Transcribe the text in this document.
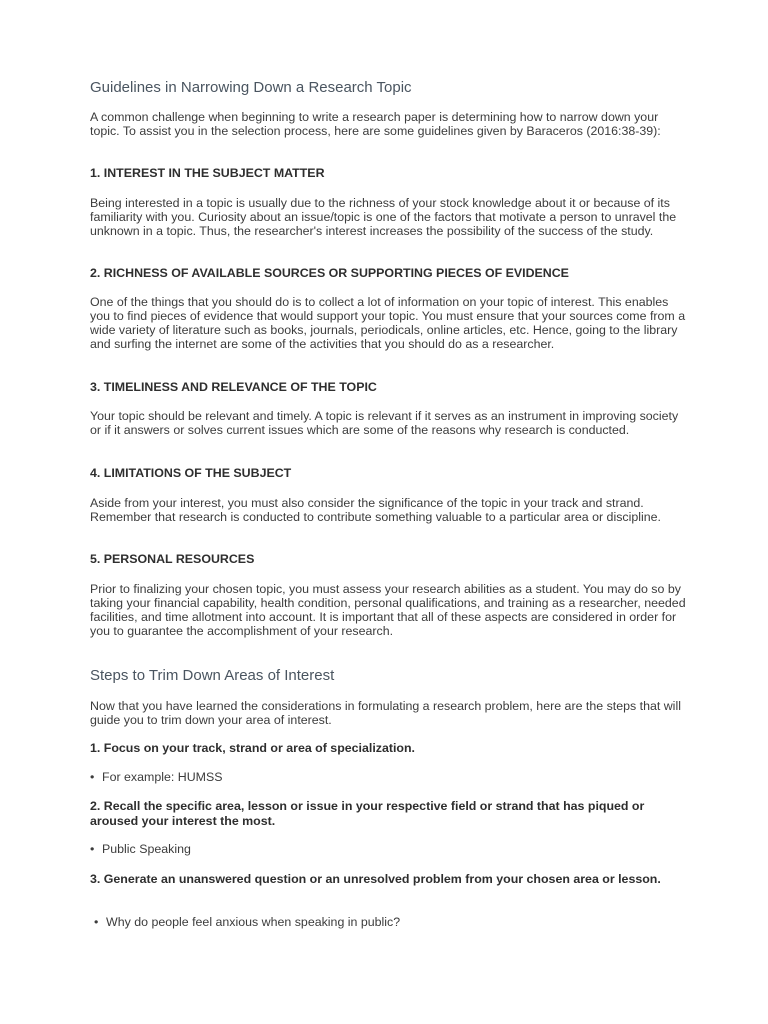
Guidelines in Narrowing Down a Research Topic

A common challenge when beginning to write a research paper is determining how to narrow down your topic. To assist you in the selection process, here are some guidelines given by Baraceros (2016:38-39):

1. INTEREST IN THE SUBJECT MATTER

Being interested in a topic is usually due to the richness of your stock knowledge about it or because of its familiarity with you. Curiosity about an issue/topic is one of the factors that motivate a person to unravel the unknown in a topic. Thus, the researcher's interest increases the possibility of the success of the study.

2. RICHNESS OF AVAILABLE SOURCES OR SUPPORTING PIECES OF EVIDENCE

One of the things that you should do is to collect a lot of information on your topic of interest. This enables you to find pieces of evidence that would support your topic. You must ensure that your sources come from a wide variety of literature such as books, journals, periodicals, online articles, etc. Hence, going to the library and surfing the internet are some of the activities that you should do as a researcher.

3. TIMELINESS AND RELEVANCE OF THE TOPIC

Your topic should be relevant and timely. A topic is relevant if it serves as an instrument in improving society or if it answers or solves current issues which are some of the reasons why research is conducted.

4. LIMITATIONS OF THE SUBJECT

Aside from your interest, you must also consider the significance of the topic in your track and strand. Remember that research is conducted to contribute something valuable to a particular area or discipline.

5. PERSONAL RESOURCES

Prior to finalizing your chosen topic, you must assess your research abilities as a student. You may do so by taking your financial capability, health condition, personal qualifications, and training as a researcher, needed facilities, and time allotment into account. It is important that all of these aspects are considered in order for you to guarantee the accomplishment of your research.

Steps to Trim Down Areas of Interest

Now that you have learned the considerations in formulating a research problem, here are the steps that will guide you to trim down your area of interest.

1. Focus on your track, strand or area of specialization.

• For example: HUMSS

2. Recall the specific area, lesson or issue in your respective field or strand that has piqued or aroused your interest the most.

• Public Speaking

3. Generate an unanswered question or an unresolved problem from your chosen area or lesson.

• Why do people feel anxious when speaking in public?
